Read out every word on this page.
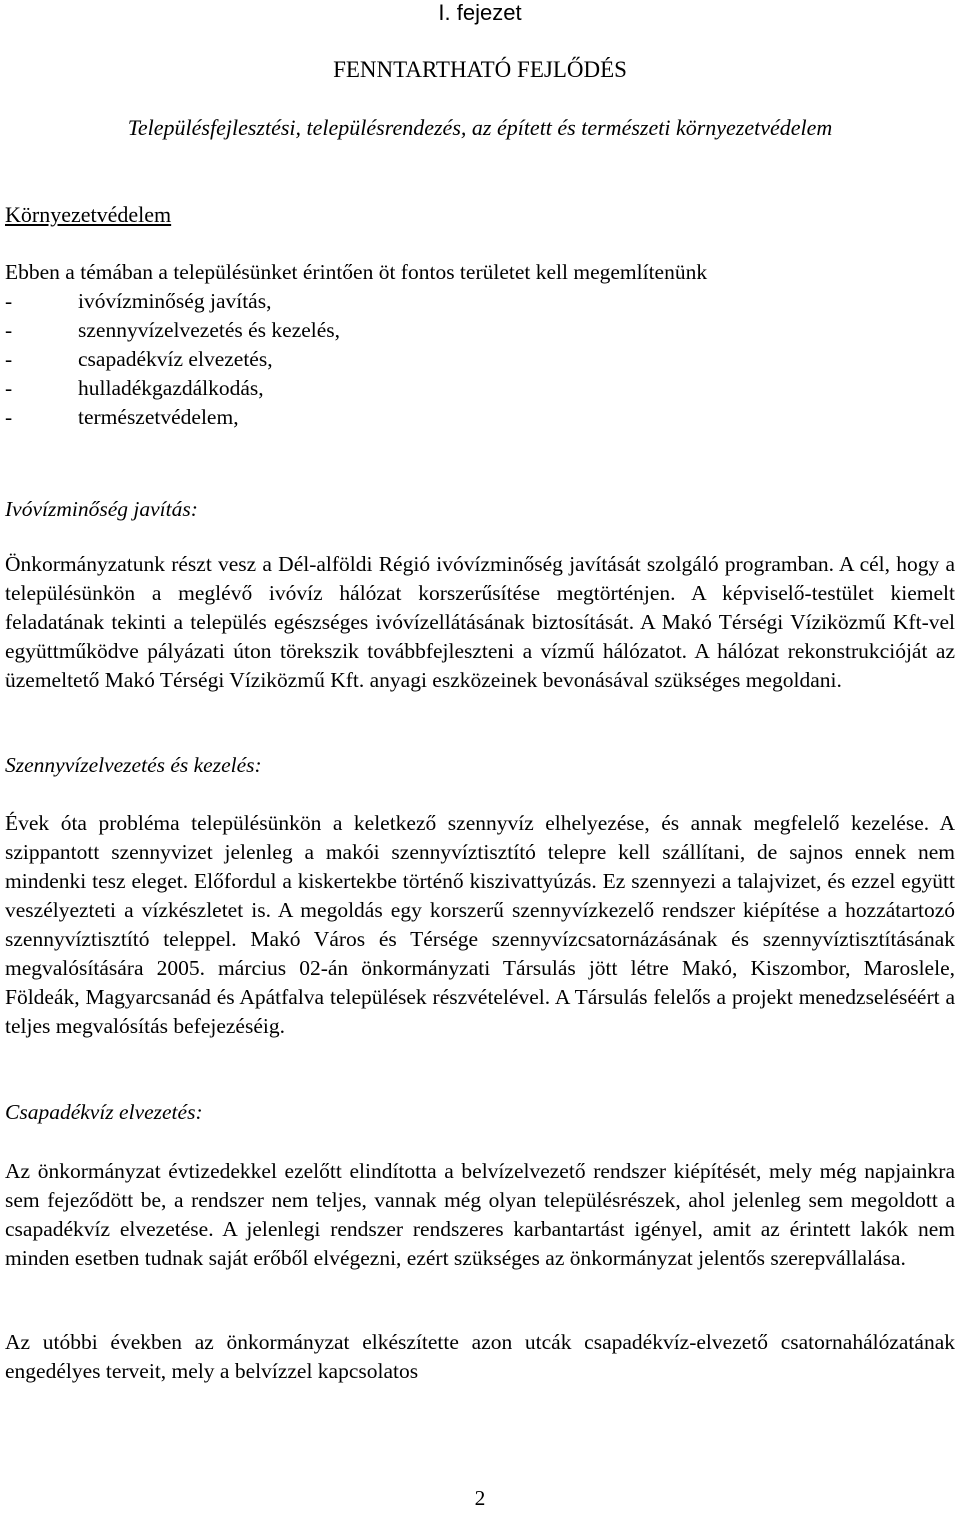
I. fejezet
FENNTARTHATÓ FEJLŐDÉS
Településfejlesztési, településrendezés, az épített és természeti környezetvédelem
Környezetvédelem
Ebben a témában a településünket érintően öt fontos területet kell megemlítenünk
-	ivóvízminőség javítás,
-	szennyvízelvezetés és kezelés,
-	csapadékvíz elvezetés,
-	hulladékgazdálkodás,
-	természetvédelem,
Ivóvízminőség javítás:
Önkormányzatunk részt vesz a Dél-alföldi Régió ivóvízminőség javítását szolgáló programban. A cél, hogy a településünkön a meglévő ivóvíz hálózat korszerűsítése megtörténjen. A képviselő-testület kiemelt feladatának tekinti a település egészséges ivóvízellátásának biztosítását. A Makó Térségi Víziközmű Kft-vel együttműködve pályázati úton törekszik továbbfejleszteni a vízmű hálózatot. A hálózat rekonstrukcióját az üzemeltető Makó Térségi Víziközmű Kft. anyagi eszközeinek bevonásával szükséges megoldani.
Szennyvízelvezetés és kezelés:
Évek óta probléma településünkön a keletkező szennyvíz elhelyezése, és annak megfelelő kezelése. A szippantott szennyvizet jelenleg a makói szennyvíztisztító telepre kell szállítani, de sajnos ennek nem mindenki tesz eleget. Előfordul a kiskertekbe történő kiszivattyúzás. Ez szennyezi a talajvizet, és ezzel együtt veszélyezteti a vízkészletet is. A megoldás egy korszerű szennyvízkezelő rendszer kiépítése a hozzátartozó szennyvíztisztító teleppel. Makó Város és Térsége szennyvízcsatornázásának és szennyvíztisztításának megvalósítására 2005. március 02-án önkormányzati Társulás jött létre Makó, Kiszombor, Maroslele, Földeák, Magyarcsanád és Apátfalva települések részvételével. A Társulás felelős a projekt menedzseléséért a teljes megvalósítás befejezéséig.
Csapadékvíz elvezetés:
Az önkormányzat évtizedekkel ezelőtt elindította a belvízelvezető rendszer kiépítését, mely még napjainkra sem fejeződött be, a rendszer nem teljes, vannak még olyan településrészek, ahol jelenleg sem megoldott a csapadékvíz elvezetése. A jelenlegi rendszer rendszeres karbantartást igényel, amit az érintett lakók nem minden esetben tudnak saját erőből elvégezni, ezért szükséges az önkormányzat jelentős szerepvállalása.
Az utóbbi években az önkormányzat elkészítette azon utcák csapadékvíz-elvezető csatornahálózatának engedélyes terveit, mely a belvízzel kapcsolatos
2
